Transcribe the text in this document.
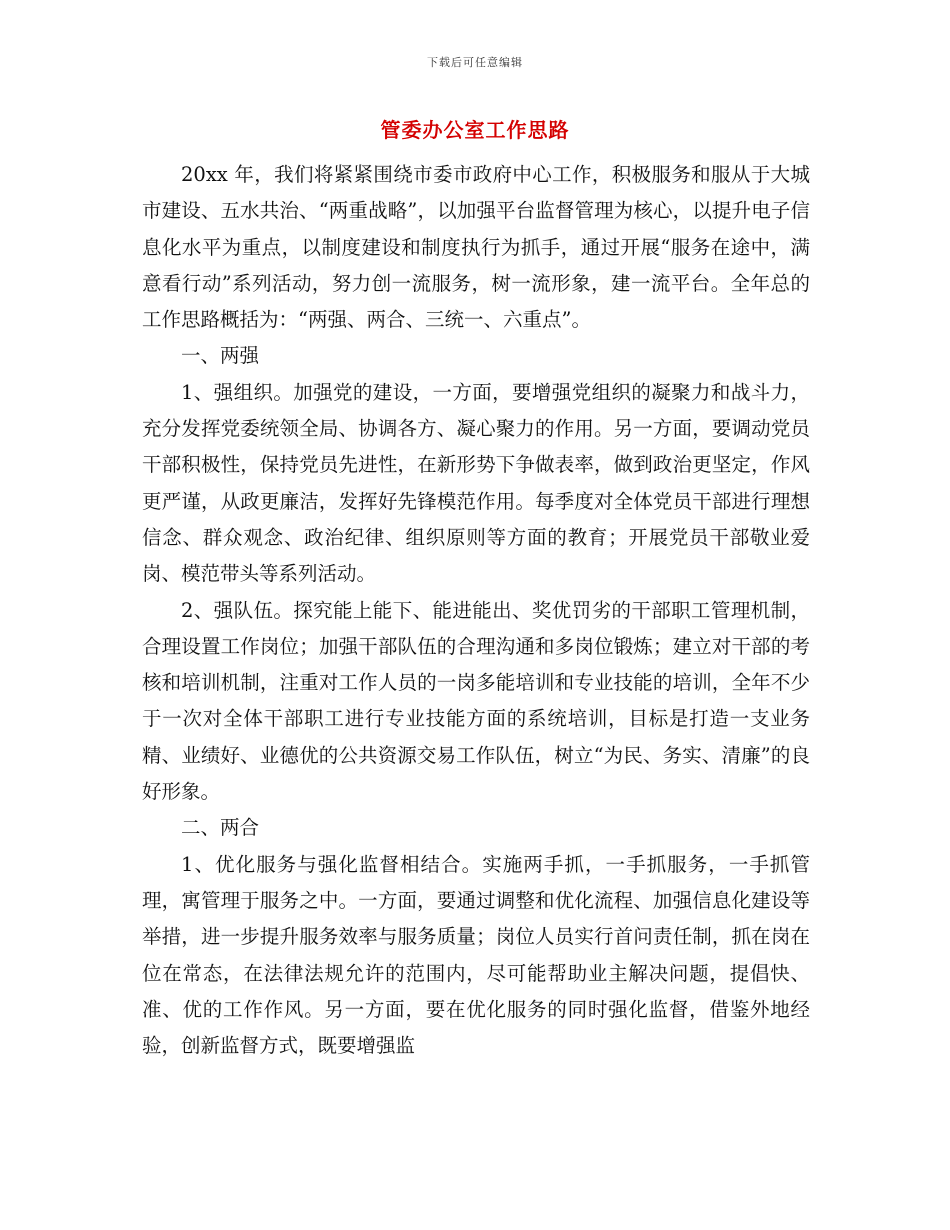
下载后可任意编辑
管委办公室工作思路

20xx 年，我们将紧紧围绕市委市政府中心工作，积极服务和服从于大城市建设、五水共治、“两重战略”，以加强平台监督管理为核心，以提升电子信息化水平为重点，以制度建设和制度执行为抓手，通过开展“服务在途中，满意看行动”系列活动，努力创一流服务，树一流形象，建一流平台。全年总的工作思路概括为：“两强、两合、三统一、六重点”。

一、两强

1、强组织。加强党的建设，一方面，要增强党组织的凝聚力和战斗力，充分发挥党委统领全局、协调各方、凝心聚力的作用。另一方面，要调动党员干部积极性，保持党员先进性，在新形势下争做表率，做到政治更坚定，作风更严谨，从政更廉洁，发挥好先锋模范作用。每季度对全体党员干部进行理想信念、群众观念、政治纪律、组织原则等方面的教育；开展党员干部敬业爱岗、模范带头等系列活动。

2、强队伍。探究能上能下、能进能出、奖优罚劣的干部职工管理机制，合理设置工作岗位；加强干部队伍的合理沟通和多岗位锻炼；建立对干部的考核和培训机制，注重对工作人员的一岗多能培训和专业技能的培训，全年不少于一次对全体干部职工进行专业技能方面的系统培训，目标是打造一支业务精、业绩好、业德优的公共资源交易工作队伍，树立“为民、务实、清廉”的良好形象。

二、两合

1、优化服务与强化监督相结合。实施两手抓，一手抓服务，一手抓管理，寓管理于服务之中。一方面，要通过调整和优化流程、加强信息化建设等举措，进一步提升服务效率与服务质量；岗位人员实行首问责任制，抓在岗在位在常态，在法律法规允许的范围内，尽可能帮助业主解决问题，提倡快、准、优的工作作风。另一方面，要在优化服务的同时强化监督，借鉴外地经验，创新监督方式，既要增强监
